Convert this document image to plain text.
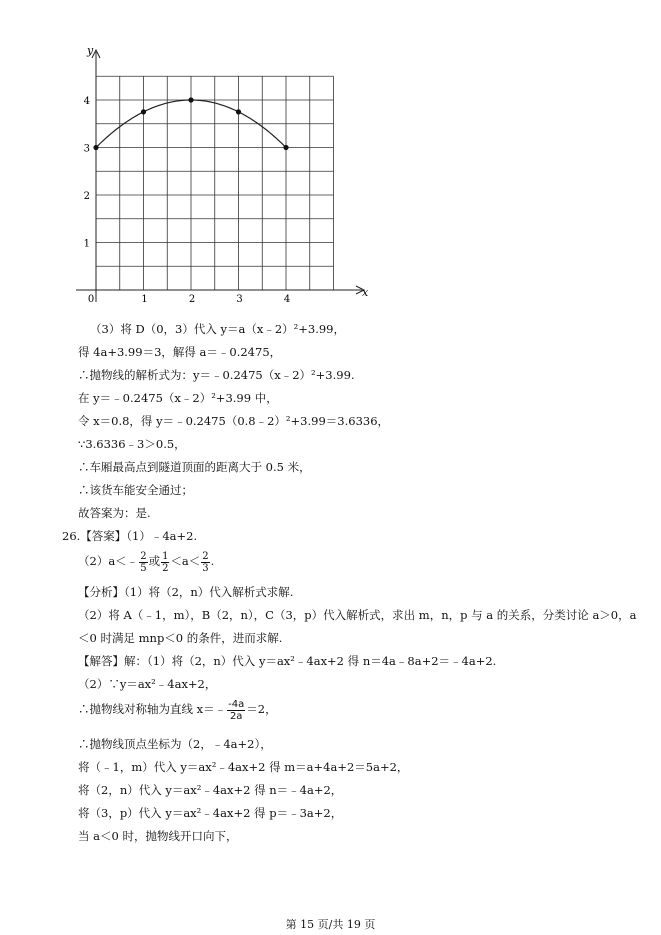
x
y
0	1	2	3	4
1
2
3
4
（3）将 D（0，3）代入 y＝a（x﹣2）²+3.99，
得 4a+3.99＝3，解得 a＝﹣0.2475，
∴抛物线的解析式为：y＝﹣0.2475（x﹣2）²+3.99.
在 y＝﹣0.2475（x﹣2）²+3.99 中，
令 x＝0.8，得 y＝﹣0.2475（0.8﹣2）²+3.99＝3.6336，
∵3.6336﹣3＞0.5，
∴车厢最高点到隧道顶面的距离大于 0.5 米，
∴该货车能安全通过；
故答案为：是.
26.【答案】（1）﹣4a+2.
（2）a＜﹣ $\frac{2}{5}$ 或 $\frac{1}{2} <a< \frac{2}{3}$ .
【分析】（1）将（2，n）代入解析式求解.
（2）将 A（﹣1，m），B（2，n），C（3，p）代入解析式，求出 m，n，p 与 a 的关系，分类讨论 a＞0，a
＜0 时满足 mnp＜0 的条件，进而求解.
【解答】解：（1）将（2，n）代入 y＝ax²﹣4ax+2 得 n＝4a﹣8a+2＝﹣4a+2.
（2）∵y＝ax²﹣4ax+2，
∴抛物线对称轴为直线 x＝﹣ $\frac{-4a}{2a} =2$，
∴抛物线顶点坐标为（2，﹣4a+2），
将（﹣1，m）代入 y＝ax²﹣4ax+2 得 m＝a+4a+2＝5a+2，
将（2，n）代入 y＝ax²﹣4ax+2 得 n＝﹣4a+2，
将（3，p）代入 y＝ax²﹣4ax+2 得 p＝﹣3a+2，
当 a＜0 时，抛物线开口向下，
第 15 页/共 19 页
